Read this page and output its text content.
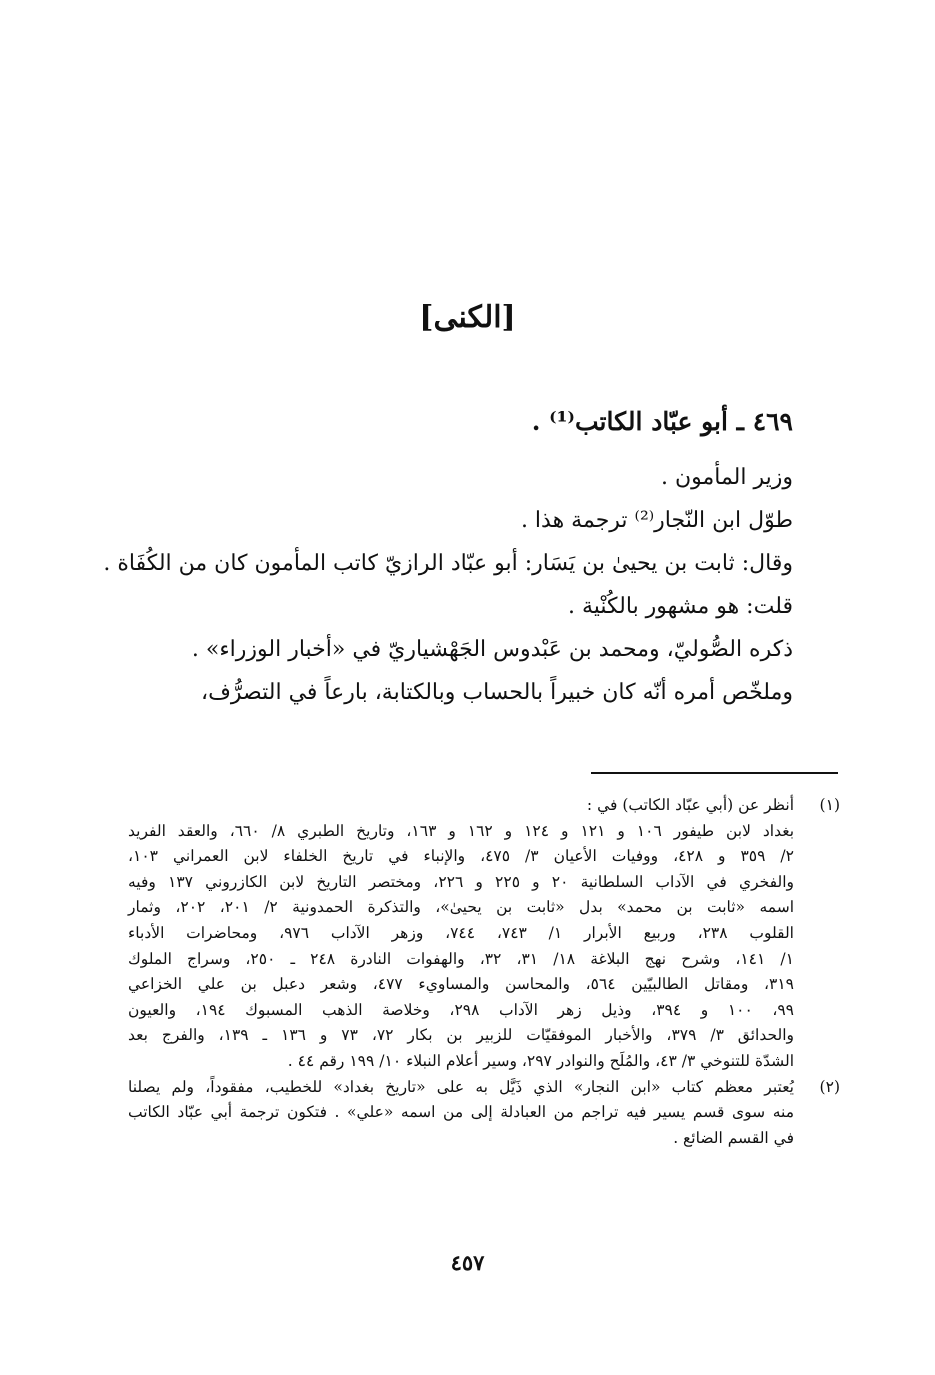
[الكنى]
٤٦٩ ـ أبو عبّاد الكاتب⁽¹⁾ .

وزير المأمون .

طوّل ابن النّجار⁽²⁾ ترجمة هذا .

وقال: ثابت بن يحيىٰ بن يَسَار: أبو عبّاد الرازيّ كاتب المأمون كان من الكُفَاة .

قلت: هو مشهور بالكُنْية .

ذكره الصُّوليّ، ومحمد بن عَبْدوس الجَهْشياريّ في «أخبار الوزراء» .

وملخّص أمره أنّه كان خبيراً بالحساب وبالكتابة، بارعاً في التصرُّف،

(١)
أنظر عن (أبي عبّاد الكاتب) في :
بغداد لابن طيفور ١٠٦ و ١٢١ و ١٢٤ و ١٦٢ و ١٦٣، وتاريخ الطبري ٨/ ٦٦٠، والعقد الفريد
٢/ ٣٥٩ و ٤٢٨، ووفيات الأعيان ٣/ ٤٧٥، والإنباء في تاريخ الخلفاء لابن العمراني ١٠٣،
والفخري في الآداب السلطانية ٢٠ و ٢٢٥ و ٢٢٦، ومختصر التاريخ لابن الكازروني ١٣٧ وفيه
اسمه «ثابت بن محمد» بدل «ثابت بن يحيىٰ»، والتذكرة الحمدونية ٢/ ٢٠١، ٢٠٢، وثمار
القلوب ٢٣٨، وربيع الأبرار ١/ ٧٤٣، ٧٤٤، وزهر الآداب ٩٧٦، ومحاضرات الأدباء
١/ ١٤١، وشرح نهج البلاغة ١٨/ ٣١، ٣٢، والهفوات النادرة ٢٤٨ ـ ٢٥٠، وسراج الملوك
٣١٩، ومقاتل الطالبيّين ٥٦٤، والمحاسن والمساويء ٤٧٧، وشعر دعبل بن علي الخزاعي
٩٩، ١٠٠ و ٣٩٤، وذيل زهر الآداب ٢٩٨، وخلاصة الذهب المسبوك ١٩٤، والعيون
والحدائق ٣/ ٣٧٩، والأخبار الموفقيّات للزبير بن بكار ٧٢، ٧٣ و ١٣٦ ـ ١٣٩، والفرج بعد
الشدّة للتنوخي ٣/ ٤٣، والمُلَح والنوادر ٢٩٧، وسير أعلام النبلاء ١٠/ ١٩٩ رقم ٤٤ .
(٢)
يُعتبر معظم كتاب «ابن النجار» الذي ذَيَّل به على «تاريخ بغداد» للخطيب، مفقوداً، ولم يصلنا
منه سوى قسم يسير فيه تراجم من العبادلة إلى من اسمه «علي» . فتكون ترجمة أبي عبّاد الكاتب
في القسم الضائع .
٤٥٧
